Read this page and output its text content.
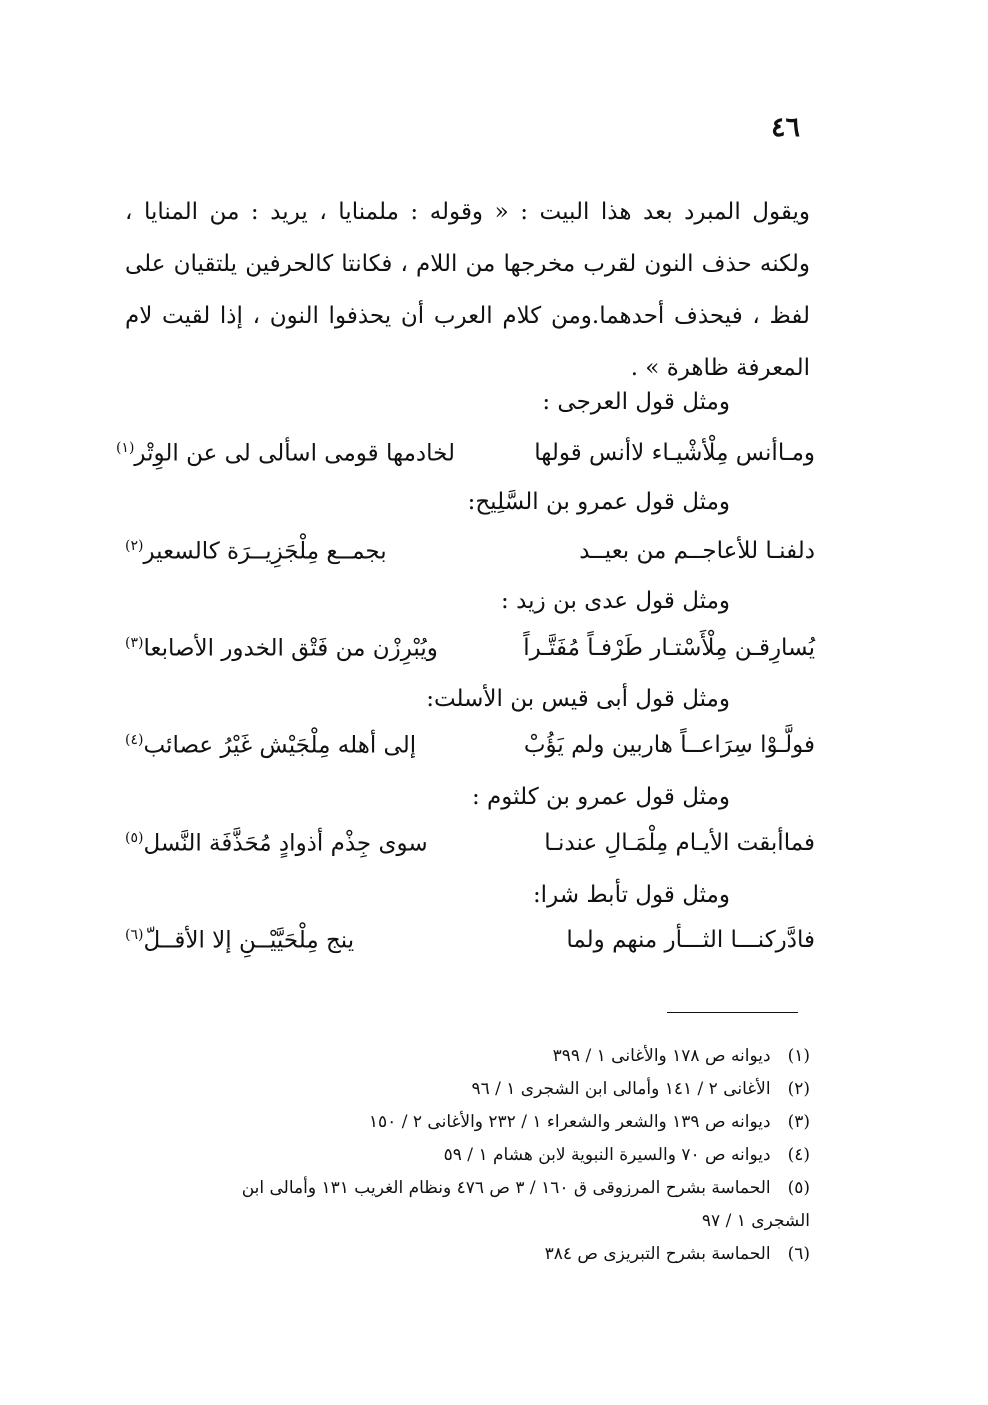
٤٦
ويقول المبرد بعد هذا البيت : « وقوله : ملمنايا ، يريد : من المنايا ،
ولكنه حذف النون لقرب مخرجها من اللام ، فكانتا كالحرفين يلتقيان على
لفظ ، فيحذف أحدهما.ومن كلام العرب أن يحذفوا النون ، إذا لقيت لام
المعرفة ظاهرة » .
ومثل قول العرجى :
ومـاأنس مِلْأشْيـاء لاأنس قولها
لخادمها قومى اسألى لى عن الوِتْر$^{(١)}$
ومثل قول عمرو بن السَّلِيح:
دلفنـا للأعاجــم من بعيــد
بجمــع مِلْجَزِيــرَة كالسعير$^{(٢)}$
ومثل قول عدى بن زيد :
يُسارِقـن مِلْأَسْتـار طَرْفـاً مُفَتَّـراً
ويُبْرِزْن من فَتْق الخدور الأصابعا$^{(٣)}$
ومثل قول أبى قيس بن الأسلت:
فولَّـوْا سِرَاعــاً هاربين ولم يَؤُبْ
إلى أهله مِلْجَيْش غَيْرُ عصائب$^{(٤)}$
ومثل قول عمرو بن كلثوم :
فماأبقت الأيـام مِلْمَـالِ عندنـا
سوى جِذْم أذوادٍ مُحَذَّفَة النَّسل$^{(٥)}$
ومثل قول تأبط شرا:
فادَّركنـــا الثـــأر منهم ولما
ينج مِلْحَيَّيْــنِ إلا الأقــلّ$^{(٦)}$
(١) ديوانه ص ١٧٨ والأغانى ١ / ٣٩٩
(٢) الأغانى ٢ / ١٤١ وأمالى ابن الشجرى ١ / ٩٦
(٣) ديوانه ص ١٣٩ والشعر والشعراء ١ / ٢٣٢ والأغانى ٢ / ١٥٠
(٤) ديوانه ص ٧٠ والسيرة النبوية لابن هشام ١ / ٥٩
(٥) الحماسة بشرح المرزوقى ق ١٦٠ / ٣ ص ٤٧٦ ونظام الغريب ١٣١ وأمالى ابن
الشجرى ١ / ٩٧
(٦) الحماسة بشرح التبريزى ص ٣٨٤
